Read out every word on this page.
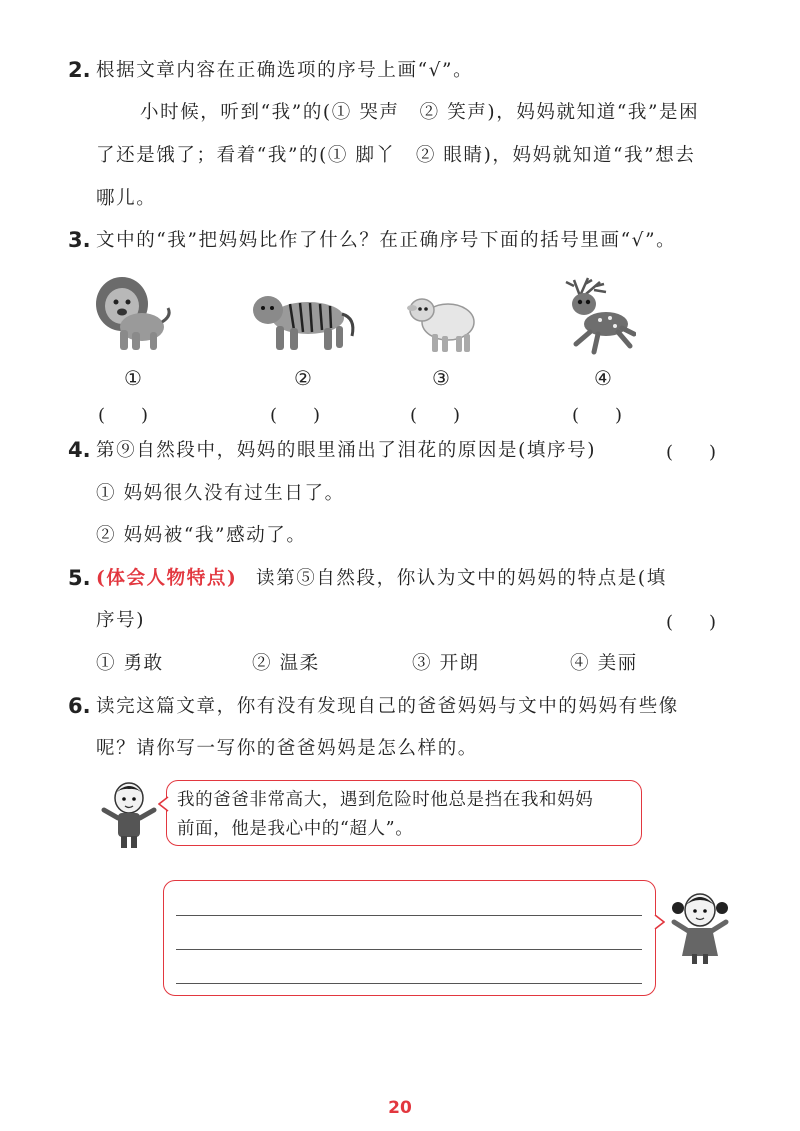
2. 根据文章内容在正确选项的序号上画“√”。
小时候，听到“我”的(① 哭声　② 笑声)，妈妈就知道“我”是困
了还是饿了；看着“我”的(① 脚丫　② 眼睛)，妈妈就知道“我”想去
哪儿。
3. 文中的“我”把妈妈比作了什么？在正确序号下面的括号里画“√”。
①	②	③	④
(　　)	(　　)	(　　)	(　　)
4. 第⑨自然段中，妈妈的眼里涌出了泪花的原因是(填序号)	(　　)
① 妈妈很久没有过生日了。
② 妈妈被“我”感动了。
5. (体会人物特点) 读第⑤自然段，你认为文中的妈妈的特点是(填
序号)	(　　)
① 勇敢	② 温柔	③ 开朗	④ 美丽
6. 读完这篇文章，你有没有发现自己的爸爸妈妈与文中的妈妈有些像
呢？请你写一写你的爸爸妈妈是怎么样的。
我的爸爸非常高大，遇到危险时他总是挡在我和妈妈
前面，他是我心中的“超人”。
20
